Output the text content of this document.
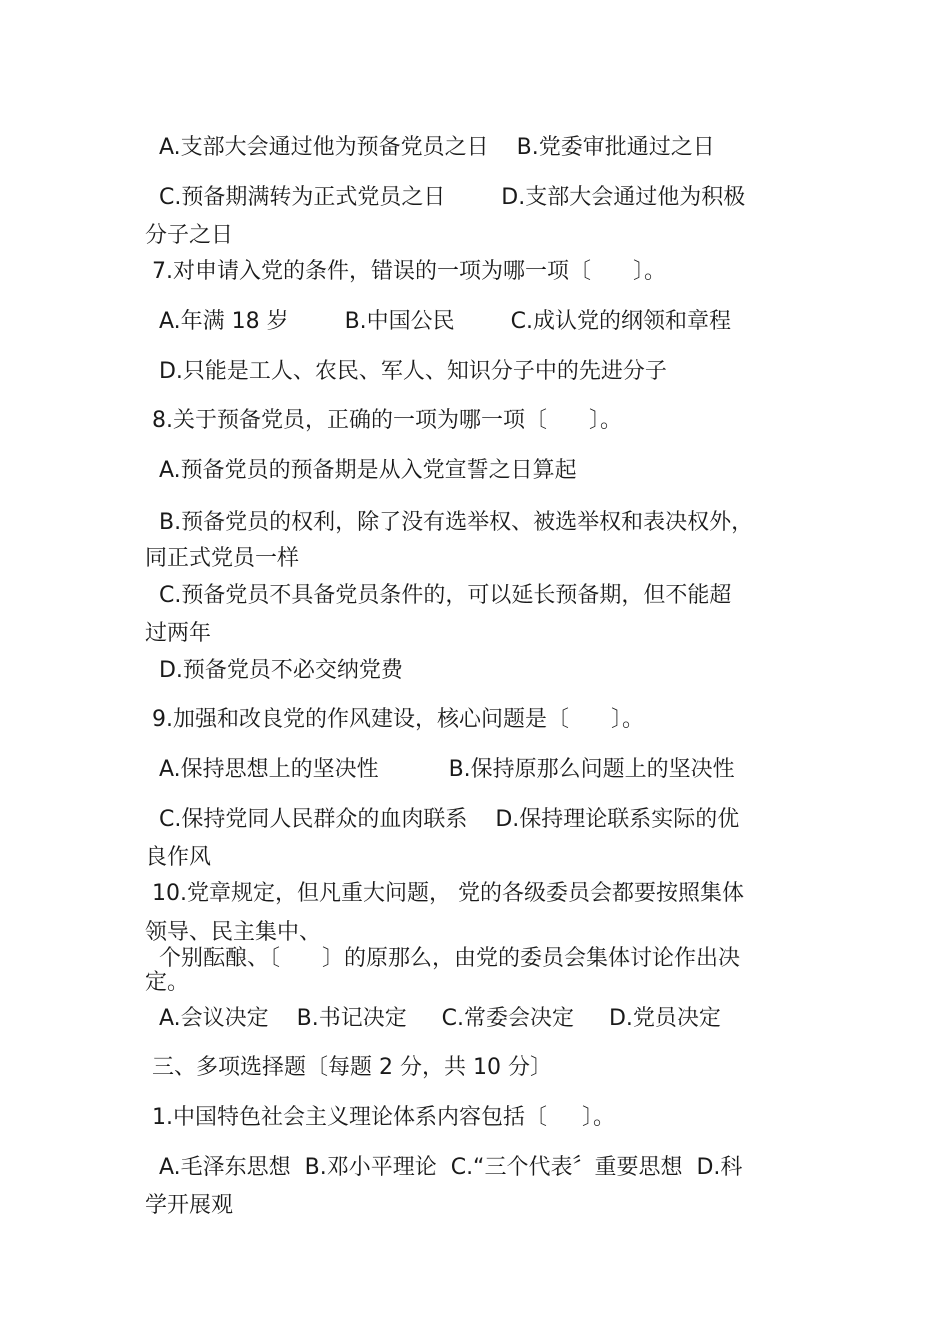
A.支部大会通过他为预备党员之日    B.党委审批通过之日
C.预备期满转为正式党员之日        D.支部大会通过他为积极
分子之日
7.对申请入党的条件，错误的一项为哪一项〔      〕。
A.年满 18 岁        B.中国公民        C.成认党的纲领和章程
D.只能是工人、农民、军人、知识分子中的先进分子
8.关于预备党员，正确的一项为哪一项〔      〕。
A.预备党员的预备期是从入党宣誓之日算起
B.预备党员的权利，除了没有选举权、被选举权和表决权外，
同正式党员一样
C.预备党员不具备党员条件的，可以延长预备期，但不能超
过两年
D.预备党员不必交纳党费
9.加强和改良党的作风建设，核心问题是〔      〕。
A.保持思想上的坚决性          B.保持原那么问题上的坚决性
C.保持党同人民群众的血肉联系    D.保持理论联系实际的优
良作风
10.党章规定，但凡重大问题， 党的各级委员会都要按照集体
领导、民主集中、
个别酝酿、〔      〕的原那么，由党的委员会集体讨论作出决
定。
A.会议决定    B.书记决定     C.常委会决定     D.党员决定
三、多项选择题〔每题 2 分，共 10 分〕
1.中国特色社会主义理论体系内容包括〔     〕。
A.毛泽东思想  B.邓小平理论  C.“三个代表〞重要思想  D.科
学开展观
